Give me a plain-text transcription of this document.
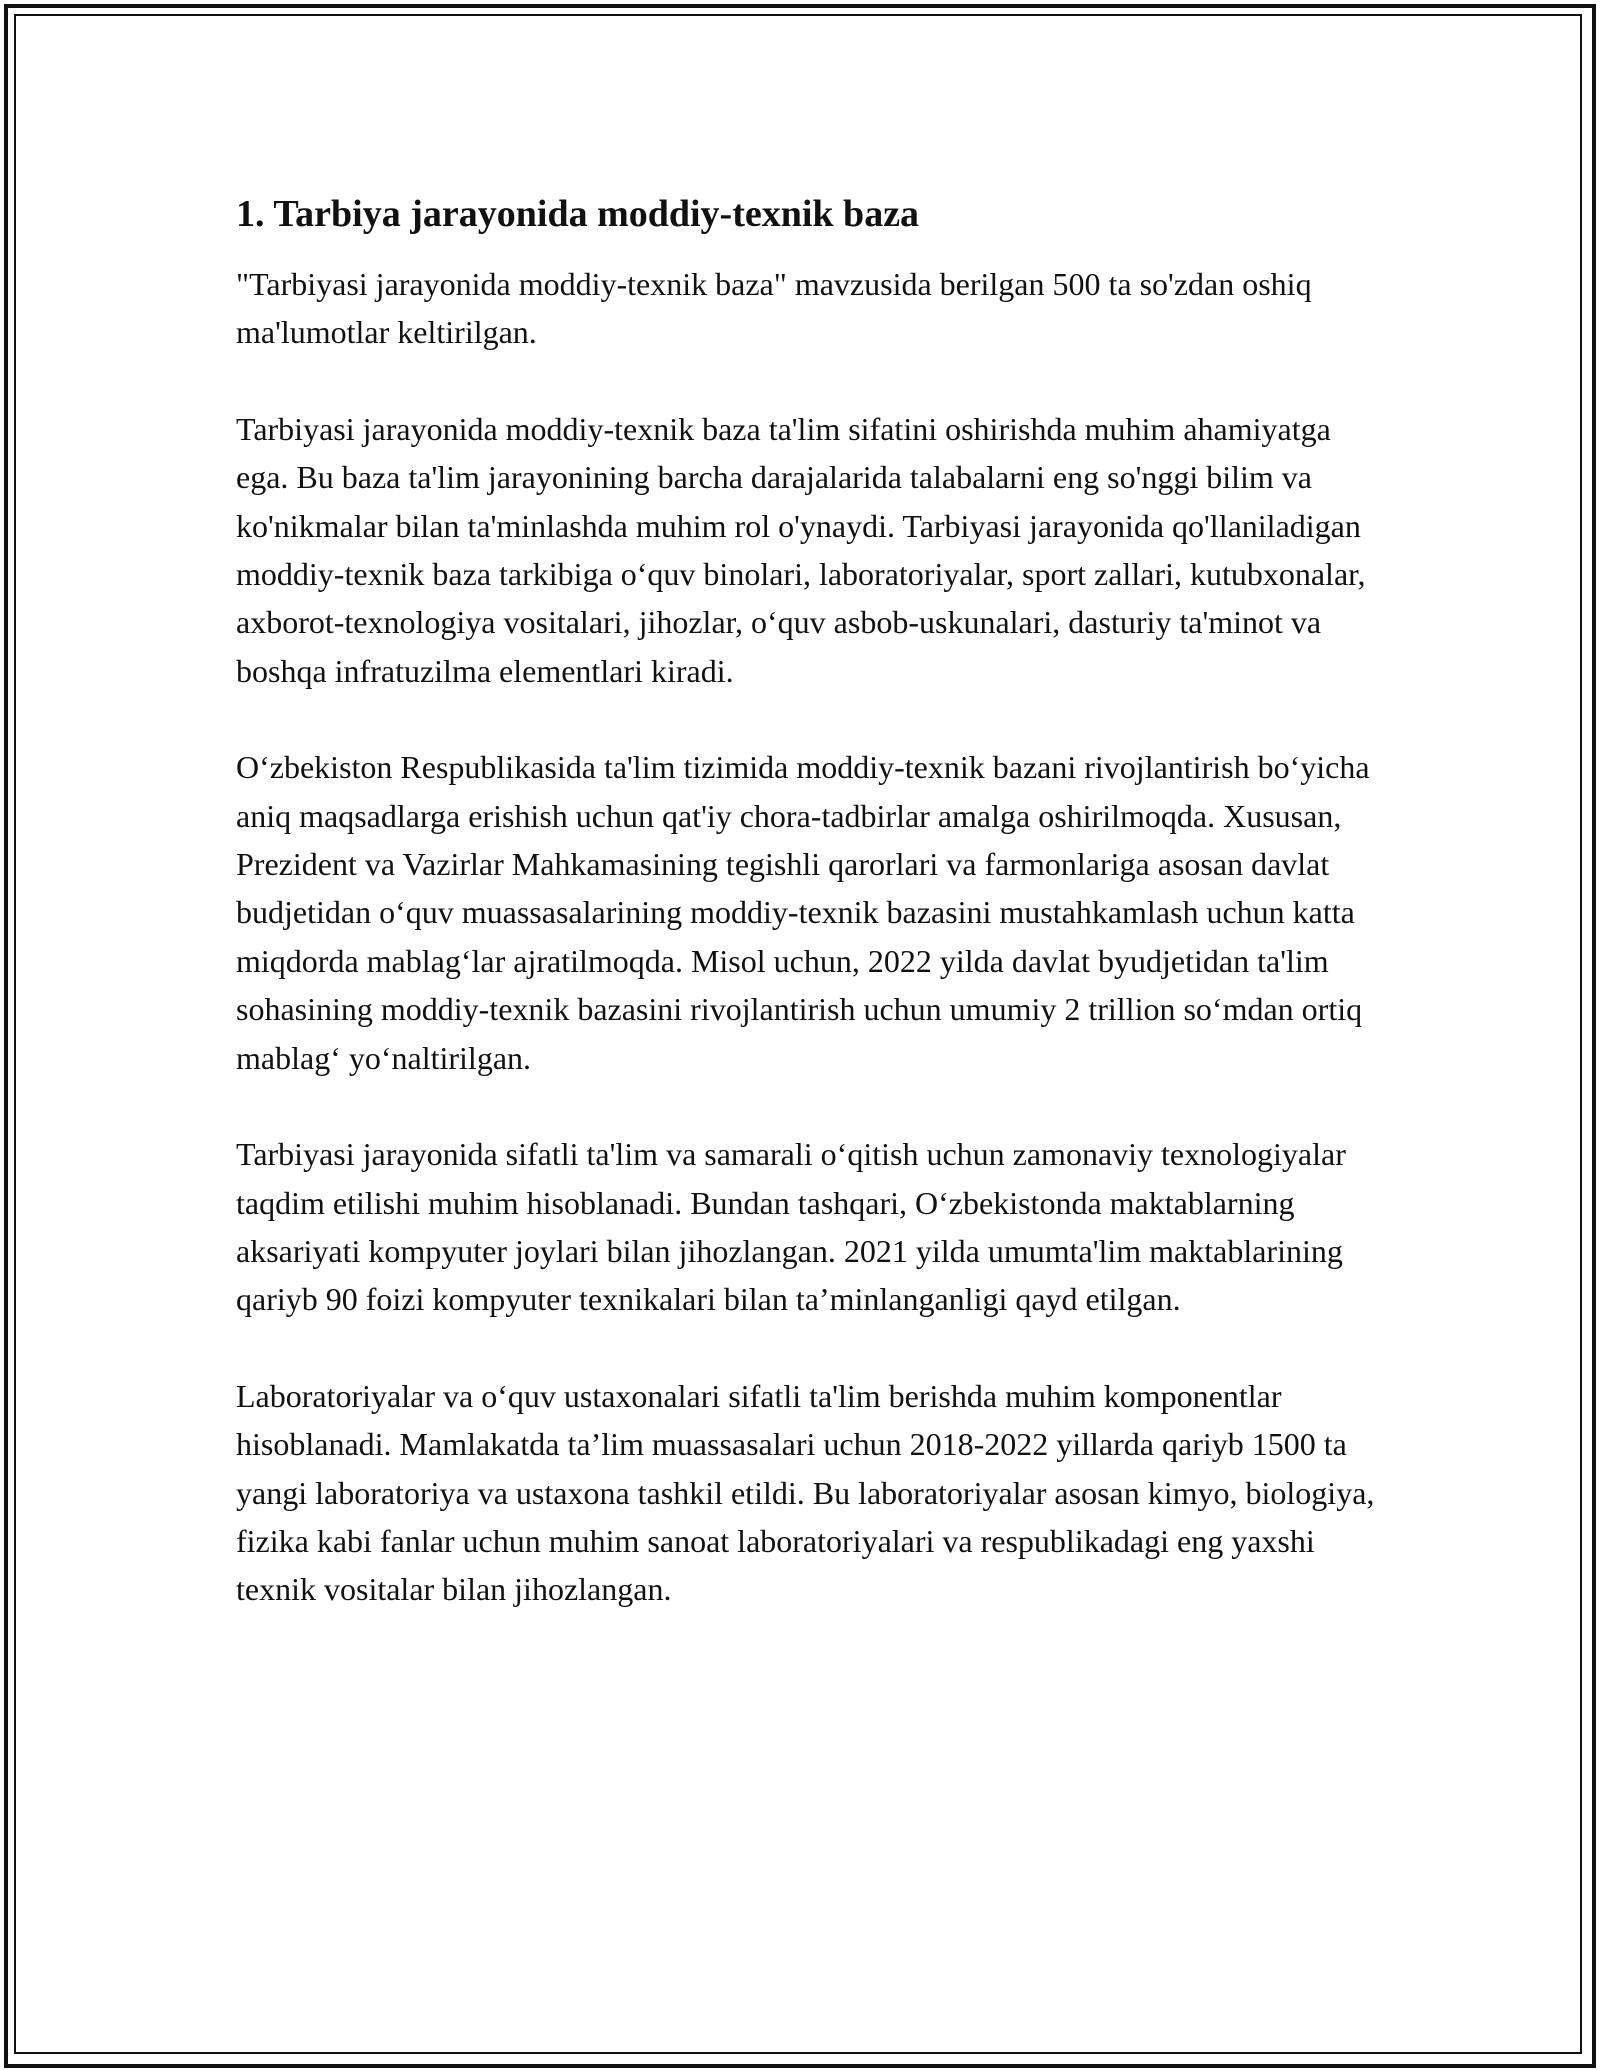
1. Tarbiya jarayonida moddiy-texnik baza

"Tarbiyasi jarayonida moddiy-texnik baza" mavzusida berilgan 500 ta so'zdan oshiq ma'lumotlar keltirilgan.

Tarbiyasi jarayonida moddiy-texnik baza ta'lim sifatini oshirishda muhim ahamiyatga ega. Bu baza ta'lim jarayonining barcha darajalarida talabalarni eng so'nggi bilim va ko'nikmalar bilan ta'minlashda muhim rol o'ynaydi. Tarbiyasi jarayonida qo'llaniladigan moddiy-texnik baza tarkibiga o‘quv binolari, laboratoriyalar, sport zallari, kutubxonalar, axborot-texnologiya vositalari, jihozlar, o‘quv asbob-uskunalari, dasturiy ta'minot va boshqa infratuzilma elementlari kiradi.

O‘zbekiston Respublikasida ta'lim tizimida moddiy-texnik bazani rivojlantirish bo‘yicha aniq maqsadlarga erishish uchun qat'iy chora-tadbirlar amalga oshirilmoqda. Xususan, Prezident va Vazirlar Mahkamasining tegishli qarorlari va farmonlariga asosan davlat budjetidan o‘quv muassasalarining moddiy-texnik bazasini mustahkamlash uchun katta miqdorda mablag‘lar ajratilmoqda. Misol uchun, 2022 yilda davlat byudjetidan ta'lim sohasining moddiy-texnik bazasini rivojlantirish uchun umumiy 2 trillion so‘mdan ortiq mablag‘ yo‘naltirilgan.

Tarbiyasi jarayonida sifatli ta'lim va samarali o‘qitish uchun zamonaviy texnologiyalar taqdim etilishi muhim hisoblanadi. Bundan tashqari, O‘zbekistonda maktablarning aksariyati kompyuter joylari bilan jihozlangan. 2021 yilda umumta'lim maktablarining qariyb 90 foizi kompyuter texnikalari bilan ta’minlanganligi qayd etilgan.

Laboratoriyalar va o‘quv ustaxonalari sifatli ta'lim berishda muhim komponentlar hisoblanadi. Mamlakatda ta’lim muassasalari uchun 2018-2022 yillarda qariyb 1500 ta yangi laboratoriya va ustaxona tashkil etildi. Bu laboratoriyalar asosan kimyo, biologiya, fizika kabi fanlar uchun muhim sanoat laboratoriyalari va respublikadagi eng yaxshi texnik vositalar bilan jihozlangan.
